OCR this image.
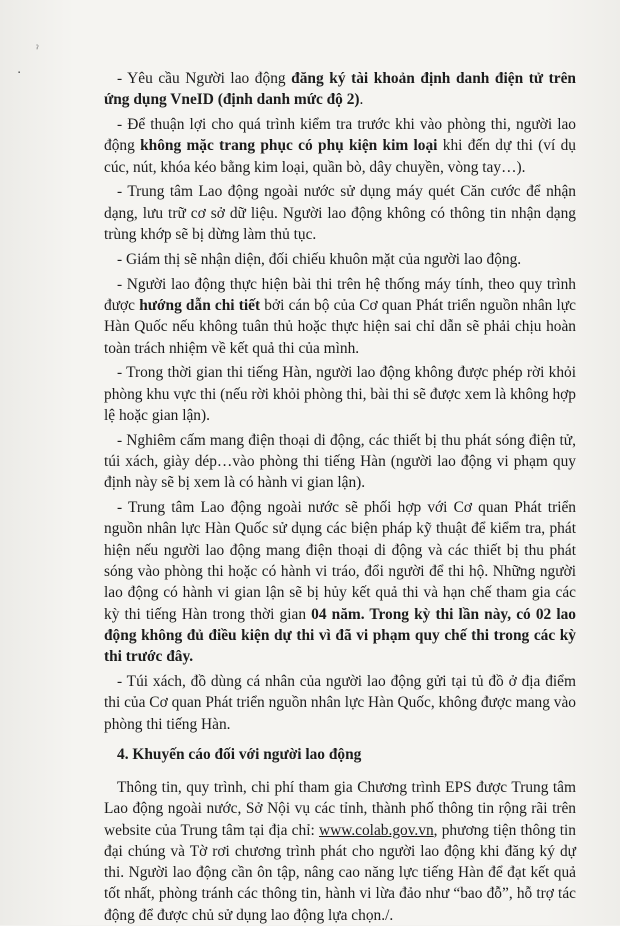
ˀ
▪	- Yêu cầu Người lao động đăng ký tài khoản định danh điện tử trên ứng dụng VneID (định danh mức độ 2).

- Để thuận lợi cho quá trình kiểm tra trước khi vào phòng thi, người lao động không mặc trang phục có phụ kiện kim loại khi đến dự thi (ví dụ cúc, nút, khóa kéo bằng kim loại, quần bò, dây chuyền, vòng tay…).

- Trung tâm Lao động ngoài nước sử dụng máy quét Căn cước để nhận dạng, lưu trữ cơ sở dữ liệu. Người lao động không có thông tin nhận dạng trùng khớp sẽ bị dừng làm thủ tục.

- Giám thị sẽ nhận diện, đối chiếu khuôn mặt của người lao động.

- Người lao động thực hiện bài thi trên hệ thống máy tính, theo quy trình được hướng dẫn chi tiết bởi cán bộ của Cơ quan Phát triển nguồn nhân lực Hàn Quốc nếu không tuân thủ hoặc thực hiện sai chỉ dẫn sẽ phải chịu hoàn toàn trách nhiệm về kết quả thi của mình.

- Trong thời gian thi tiếng Hàn, người lao động không được phép rời khỏi phòng khu vực thi (nếu rời khỏi phòng thi, bài thi sẽ được xem là không hợp lệ hoặc gian lận).

- Nghiêm cấm mang điện thoại di động, các thiết bị thu phát sóng điện tử, túi xách, giày dép…vào phòng thi tiếng Hàn (người lao động vi phạm quy định này sẽ bị xem là có hành vi gian lận).

- Trung tâm Lao động ngoài nước sẽ phối hợp với Cơ quan Phát triển nguồn nhân lực Hàn Quốc sử dụng các biện pháp kỹ thuật để kiểm tra, phát hiện nếu người lao động mang điện thoại di động và các thiết bị thu phát sóng vào phòng thi hoặc có hành vi tráo, đổi người để thi hộ. Những người lao động có hành vi gian lận sẽ bị hủy kết quả thi và hạn chế tham gia các kỳ thi tiếng Hàn trong thời gian 04 năm. Trong kỳ thi lần này, có 02 lao động không đủ điều kiện dự thi vì đã vi phạm quy chế thi trong các kỳ thi trước đây.

- Túi xách, đồ dùng cá nhân của người lao động gửi tại tủ đồ ở địa điểm thi của Cơ quan Phát triển nguồn nhân lực Hàn Quốc, không được mang vào phòng thi tiếng Hàn.

4. Khuyến cáo đối với người lao động

Thông tin, quy trình, chi phí tham gia Chương trình EPS được Trung tâm Lao động ngoài nước, Sở Nội vụ các tỉnh, thành phố thông tin rộng rãi trên website của Trung tâm tại địa chỉ: www.colab.gov.vn, phương tiện thông tin đại chúng và Tờ rơi chương trình phát cho người lao động khi đăng ký dự thi. Người lao động cần ôn tập, nâng cao năng lực tiếng Hàn để đạt kết quả tốt nhất, phòng tránh các thông tin, hành vi lừa đảo như “bao đỗ”, hỗ trợ tác động để được chủ sử dụng lao động lựa chọn./.
